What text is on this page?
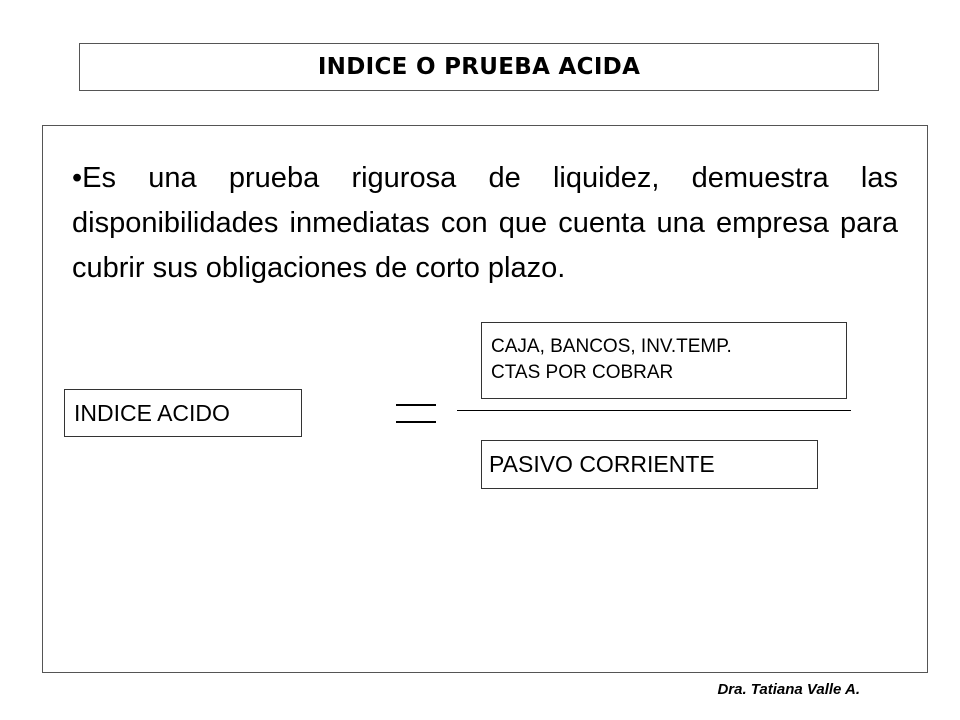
INDICE O PRUEBA ACIDA
•Es una prueba rigurosa de liquidez, demuestra las disponibilidades inmediatas con que cuenta una empresa para cubrir sus obligaciones de corto plazo.
CAJA, BANCOS, INV.TEMP.
CTAS POR COBRAR
INDICE ACIDO
PASIVO CORRIENTE
Dra. Tatiana Valle A.
